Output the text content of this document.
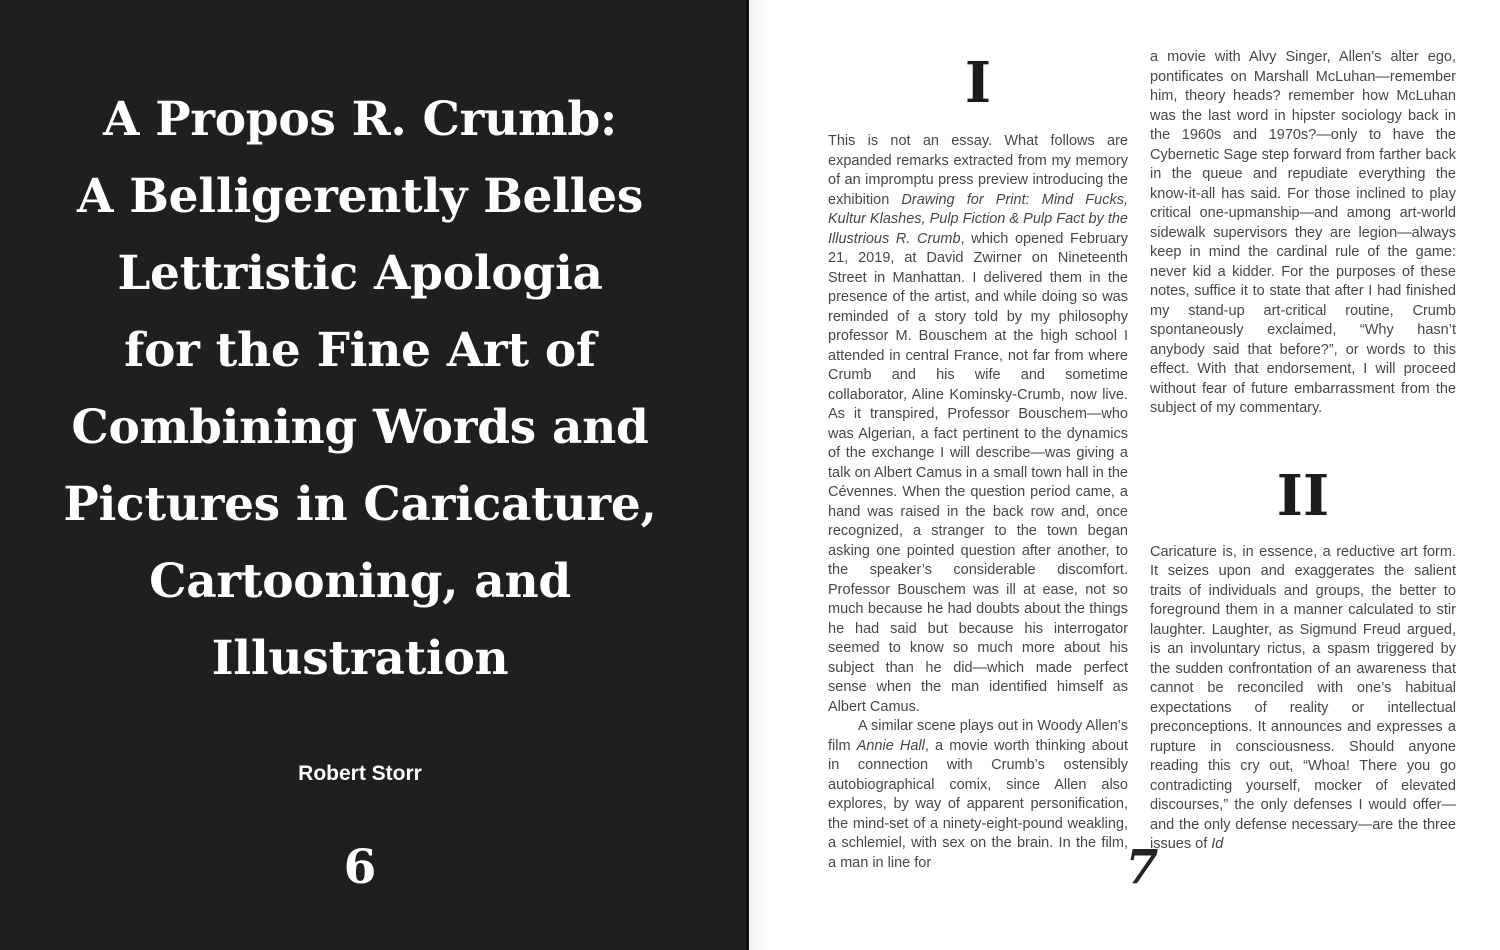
A Propos R. Crumb:
A Belligerently Belles
Lettristic Apologia
for the Fine Art of
Combining Words and
Pictures in Caricature,
Cartooning, and
Illustration
Robert Storr
6
I

This is not an essay. What follows are expanded remarks extracted from my memory of an impromptu press preview introducing the exhibition Drawing for Print: Mind Fucks, Kultur Klashes, Pulp Fiction & Pulp Fact by the Illustrious R. Crumb, which opened February 21, 2019, at David Zwirner on Nineteenth Street in Manhattan. I delivered them in the presence of the artist, and while doing so was reminded of a story told by my philosophy professor M. Bouschem at the high school I attended in central France, not far from where Crumb and his wife and sometime collaborator, Aline Kominsky-Crumb, now live. As it transpired, Professor Bouschem—who was Algerian, a fact pertinent to the dynamics of the exchange I will describe—was giving a talk on Albert Camus in a small town hall in the Cévennes. When the question period came, a hand was raised in the back row and, once recognized, a stranger to the town began asking one pointed question after another, to the speaker’s considerable discomfort. Professor Bouschem was ill at ease, not so much because he had doubts about the things he had said but because his interrogator seemed to know so much more about his subject than he did—which made perfect sense when the man identified himself as Albert Camus.

A similar scene plays out in Woody Allen’s film Annie Hall, a movie worth thinking about in connection with Crumb’s ostensibly autobiographical comix, since Allen also explores, by way of apparent personification, the mind-set of a ninety-eight-pound weakling, a schlemiel, with sex on the brain. In the film, a man in line for

a movie with Alvy Singer, Allen’s alter ego, pontificates on Marshall McLuhan—remember him, theory heads? remember how McLuhan was the last word in hipster sociology back in the 1960s and 1970s?—only to have the Cybernetic Sage step forward from farther back in the queue and repudiate everything the know-it-all has said. For those inclined to play critical one-upmanship—and among art-world sidewalk supervisors they are legion—always keep in mind the cardinal rule of the game: never kid a kidder. For the purposes of these notes, suffice it to state that after I had finished my stand-up art-critical routine, Crumb spontaneously exclaimed, “Why hasn’t anybody said that before?”, or words to this effect. With that endorsement, I will proceed without fear of future embarrassment from the subject of my commentary.

II

Caricature is, in essence, a reductive art form. It seizes upon and exaggerates the salient traits of individuals and groups, the better to foreground them in a manner calculated to stir laughter. Laughter, as Sigmund Freud argued, is an involuntary rictus, a spasm triggered by the sudden confrontation of an awareness that cannot be reconciled with one’s habitual expectations of reality or intellectual preconceptions. It announces and expresses a rupture in consciousness. Should anyone reading this cry out, “Whoa! There you go contradicting yourself, mocker of elevated discourses,” the only defenses I would offer—and the only defense necessary—are the three issues of Id

7
